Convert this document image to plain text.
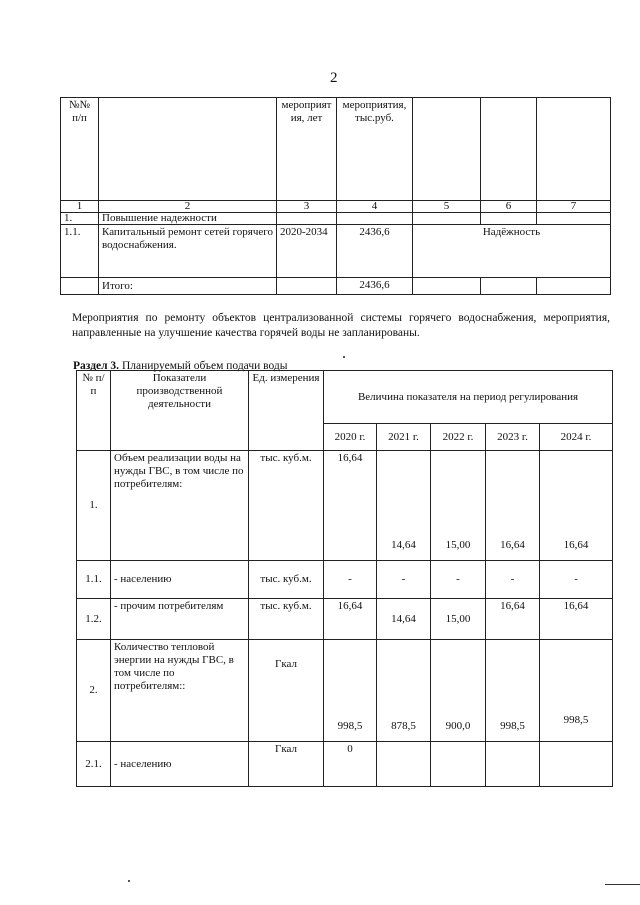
2
№№ п/п		мероприят ия, лет	мероприятия, тыс.руб.			
1	2	3	4	5	6	7
1.	Повышение надежности					
1.1.	Капитальный ремонт сетей горячего водоснабжения.	2020-2034	2436,6	Надёжность		
	Итого:		2436,6			
Мероприятия по ремонту объектов централизованной системы горячего водоснабжения, мероприятия, направленные на улучшение качества горячей воды не запланированы.
Раздел 3. Планируемый объем подачи воды
№ п/п	Показатели производственной деятельности	Ед. измерения	Величина показателя на период регулирования				
			2020 г.	2021 г.	2022 г.	2023 г.	2024 г.
1.	Объем реализации воды на нужды ГВС, в том числе по потребителям:	тыс. куб.м.	16,64	14,64	15,00	16,64	16,64
1.1.	- населению	тыс. куб.м.	-	-	-	-	-
1.2.	- прочим потребителям	тыс. куб.м.	16,64	14,64	15,00	16,64	16,64
2.	Количество тепловой энергии на нужды ГВС, в том числе по потребителям::	Гкал	998,5	878,5	900,0	998,5	998,5
2.1.	- населению	Гкал	0				
